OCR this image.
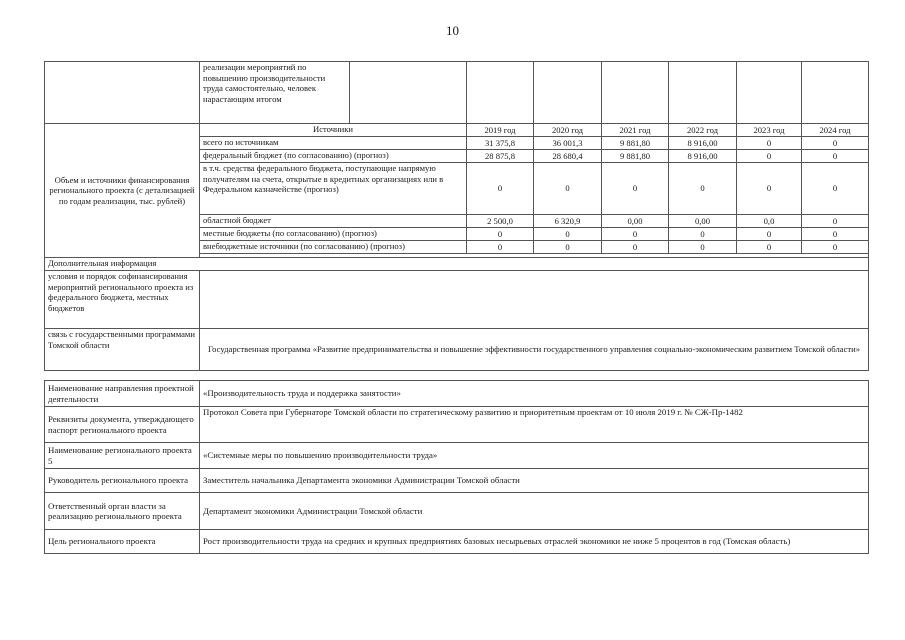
10
	реализации мероприятий по повышению производительности труда самостоятельно, человек нарастающим итогом							
Объем и источники финансирования регионального проекта (с детализацией по годам реализации, тыс. рублей)	Источники		2019 год	2020 год	2021 год	2022 год	2023 год	2024 год
	всего по источникам		31 375,8	36 001,3	9 881,80	8 916,00	0	0
	федеральный бюджет (по согласованию) (прогноз)		28 875,8	28 680,4	9 881,80	8 916,00	0	0
	в т.ч. средства федерального бюджета, поступающие напрямую получателям на счета, открытые в кредитных организациях или в Федеральном казначействе (прогноз)		0	0	0	0	0	0
	областной бюджет		2 500,0	6 320,9	0,00	0,00	0,0	0
	местные бюджеты (по согласованию) (прогноз)		0	0	0	0	0	0
	внебюджетные источники (по согласованию) (прогноз)		0	0	0	0	0	0

Дополнительная информация								
условия и порядок софинансирования мероприятий регионального проекта из федерального бюджета, местных бюджетов								
связь с государственными программами Томской области	Государственная программа «Развитие предпринимательства и повышение эффективности государственного управления социально-экономическим развитием Томской области»							
Наименование направления проектной деятельности	«Производительность труда и поддержка занятости»
Реквизиты документа, утверждающего паспорт регионального проекта	Протокол Совета при Губернаторе Томской области по стратегическому развитию и приоритетным проектам от 10 июля 2019 г. № СЖ-Пр-1482
Наименование регионального проекта 5	«Системные меры по повышению производительности труда»
Руководитель регионального проекта	Заместитель начальника Департамента экономики Администрации Томской области
Ответственный орган власти за реализацию регионального проекта	Департамент экономики Администрации Томской области
Цель регионального проекта	Рост производительности труда на средних и крупных предприятиях базовых несырьевых отраслей экономики не ниже 5 процентов в год (Томская область)
